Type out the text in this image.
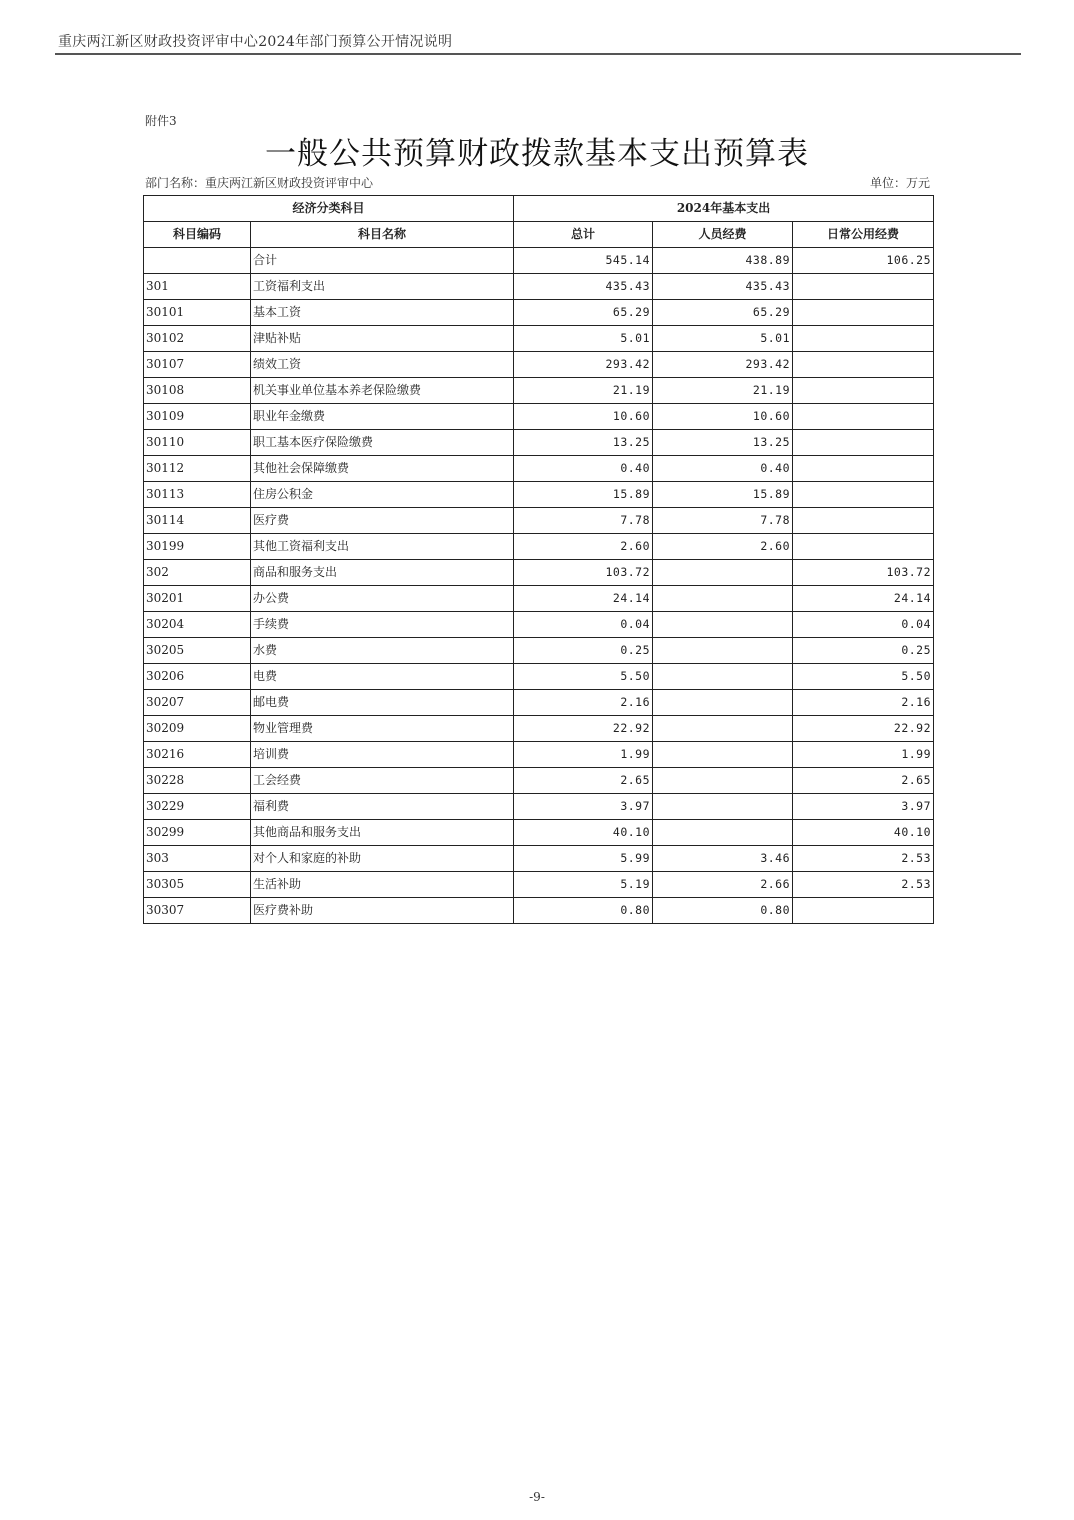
重庆两江新区财政投资评审中心2024年部门预算公开情况说明
附件3
一般公共预算财政拨款基本支出预算表
部门名称：重庆两江新区财政投资评审中心	单位：万元
经济分类科目		2024年基本支出		
科目编码	科目名称	总计	人员经费	日常公用经费
	合计	545.14	438.89	106.25
301	工资福利支出	435.43	435.43	
30101	基本工资	65.29	65.29	
30102	津贴补贴	5.01	5.01	
30107	绩效工资	293.42	293.42	
30108	机关事业单位基本养老保险缴费	21.19	21.19	
30109	职业年金缴费	10.60	10.60	
30110	职工基本医疗保险缴费	13.25	13.25	
30112	其他社会保障缴费	0.40	0.40	
30113	住房公积金	15.89	15.89	
30114	医疗费	7.78	7.78	
30199	其他工资福利支出	2.60	2.60	
302	商品和服务支出	103.72		103.72
30201	办公费	24.14		24.14
30204	手续费	0.04		0.04
30205	水费	0.25		0.25
30206	电费	5.50		5.50
30207	邮电费	2.16		2.16
30209	物业管理费	22.92		22.92
30216	培训费	1.99		1.99
30228	工会经费	2.65		2.65
30229	福利费	3.97		3.97
30299	其他商品和服务支出	40.10		40.10
303	对个人和家庭的补助	5.99	3.46	2.53
30305	生活补助	5.19	2.66	2.53
30307	医疗费补助	0.80	0.80	
-9-
